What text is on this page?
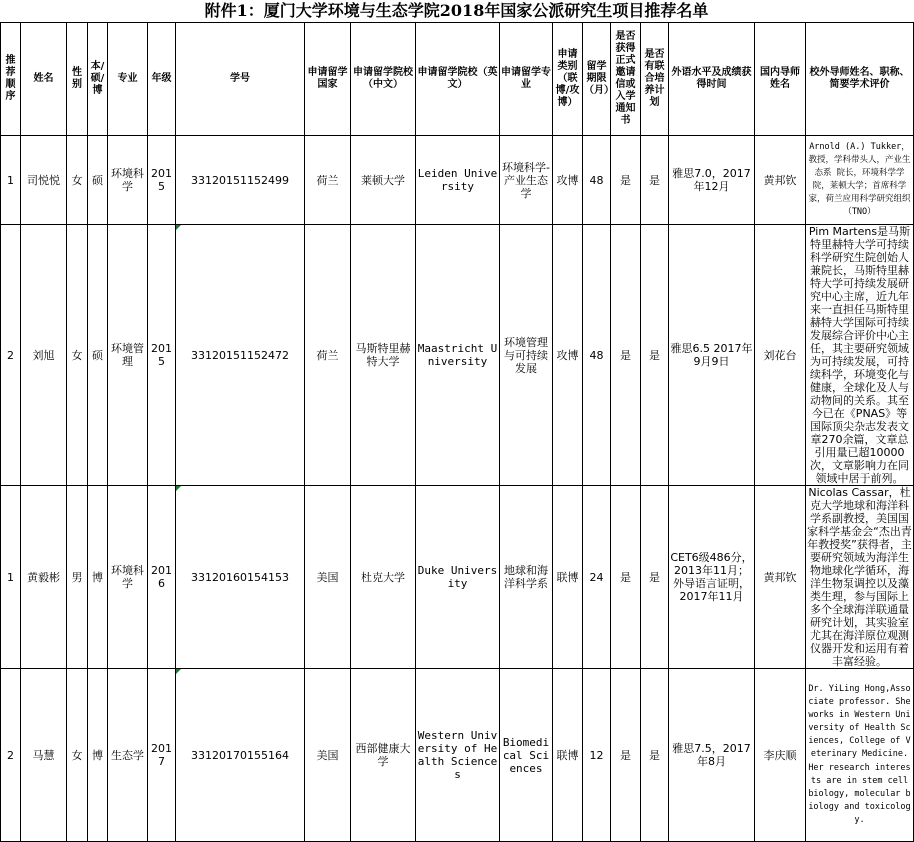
附件1：厦门大学环境与生态学院2018年国家公派研究生项目推荐名单
推荐顺序	姓名	性别	本/硕/博	专业	年级	学号	申请留学国家	申请留学院校（中文）	申请留学院校（英文）	申请留学专业	申请类别（联博/攻博）	留学期限（月）	是否获得正式邀请信或入学通知书	是否有联合培养计划	外语水平及成绩获得时间	国内导师姓名	校外导师姓名、职称、简要学术评价
1	司悦悦	女	硕	环境科学	2015	33120151152499	荷兰	莱顿大学	Leiden University	环境科学-产业生态学	攻博	48	是	是	雅思7.0，2017年12月	黄邦钦	Arnold (A.) Tukker，教授，学科带头人，产业生态系 院长，环境科学学院，莱顿大学；首席科学家，荷兰应用科学研究组织（TNO）
2	刘旭	女	硕	环境管理	2015	33120151152472	荷兰	马斯特里赫特大学	Maastricht University	环境管理与可持续发展	攻博	48	是	是	雅思6.5 2017年9月9日	刘花台	Pim Martens是马斯特里赫特大学可持续科学研究生院创始人兼院长，马斯特里赫特大学可持续发展研究中心主席，近九年来一直担任马斯特里赫特大学国际可持续发展综合评价中心主任，其主要研究领域为可持续发展，可持续科学，环境变化与健康，全球化及人与动物间的关系。其至今已在《PNAS》等国际顶尖杂志发表文章270余篇，文章总引用量已超10000次，文章影响力在同领域中居于前列。
1	黄毅彬	男	博	环境科学	2016	33120160154153	美国	杜克大学	Duke University	地球和海洋科学系	联博	24	是	是	CET6级486分，2013年11月；外导语言证明，2017年11月	黄邦钦	Nicolas Cassar，杜克大学地球和海洋科学系副教授，美国国家科学基金会“杰出青年教授奖”获得者，主要研究领域为海洋生物地球化学循环，海洋生物泵调控以及藻类生理，参与国际上多个全球海洋联通量研究计划，其实验室尤其在海洋原位观测仪器开发和运用有着丰富经验。
2	马慧	女	博	生态学	2017	33120170155164	美国	西部健康大学	Western University of Health Sciences	Biomedical Sciences	联博	12	是	是	雅思7.5，2017年8月	李庆顺	Dr. YiLing Hong,Associate professor. She works in Western University of Health Sciences, College of Veterinary Medicine. Her research interests are in stem cell biology, molecular biology and toxicology.
